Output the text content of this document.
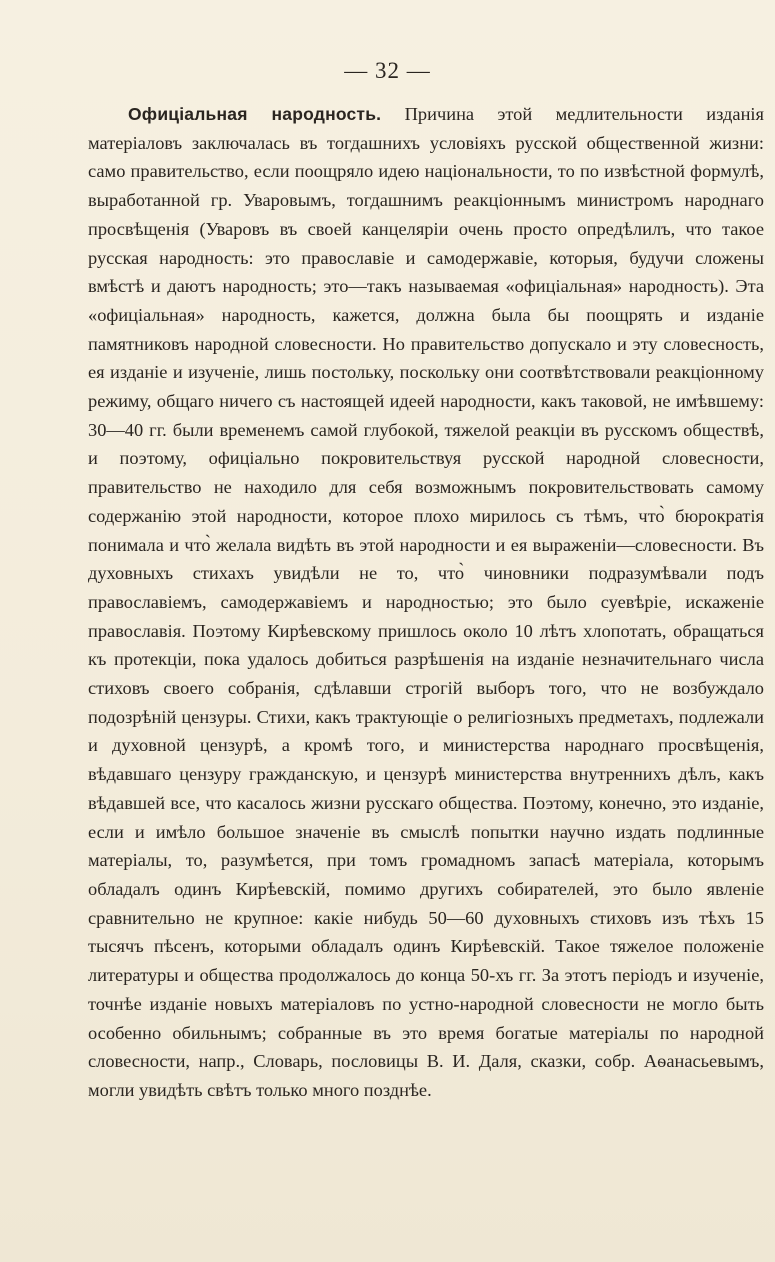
— 32 —

Офиціальная народность. Причина этой медлительности изданія матеріаловъ заключалась въ тогдашнихъ условіяхъ русской общественной жизни: само правительство, если поощряло идею національности, то по извѣстной формулѣ, выработанной гр. Уваровымъ, тогдашнимъ реакціоннымъ министромъ народнаго просвѣщенія (Уваровъ въ своей канцеляріи очень просто опредѣлилъ, что такое русская народность: это православіе и самодержавіе, которыя, будучи сложены вмѣстѣ и даютъ народность; это—такъ называемая «офиціальная» народность). Эта «офиціальная» народность, кажется, должна была бы поощрять и изданіе памятниковъ народной словесности. Но правительство допускало и эту словесность, ея изданіе и изученіе, лишь постольку, поскольку они соотвѣтствовали реакціонному режиму, общаго ничего съ настоящей идеей народности, какъ таковой, не имѣвшему: 30—40 гг. были временемъ самой глубокой, тяжелой реакціи въ русскомъ обществѣ, и поэтому, офиціально покровительствуя русской народной словесности, правительство не находило для себя возможнымъ покровительствовать самому содержанію этой народности, которое плохо мирилось съ тѣмъ, что̀ бюрократія понимала и что̀ желала видѣть въ этой народности и ея выраженіи—словесности. Въ духовныхъ стихахъ увидѣли не то, что̀ чиновники подразумѣвали подъ православіемъ, самодержавіемъ и народностью; это было суевѣріе, искаженіе православія. Поэтому Кирѣевскому пришлось около 10 лѣтъ хлопотать, обращаться къ протекціи, пока удалось добиться разрѣшенія на изданіе незначительнаго числа стиховъ своего собранія, сдѣлавши строгій выборъ того, что не возбуждало подозрѣній цензуры. Стихи, какъ трактующіе о религіозныхъ предметахъ, подлежали и духовной цензурѣ, а кромѣ того, и министерства народнаго просвѣщенія, вѣдавшаго цензуру гражданскую, и цензурѣ министерства внутреннихъ дѣлъ, какъ вѣдавшей все, что касалось жизни русскаго общества. Поэтому, конечно, это изданіе, если и имѣло большое значеніе въ смыслѣ попытки научно издать подлинные матеріалы, то, разумѣется, при томъ громадномъ запасѣ матеріала, которымъ обладалъ одинъ Кирѣевскій, помимо другихъ собирателей, это было явленіе сравнительно не крупное: какіе нибудь 50—60 духовныхъ стиховъ изъ тѣхъ 15 тысячъ пѣсенъ, которыми обладалъ одинъ Кирѣевскій. Такое тяжелое положеніе литературы и общества продолжалось до конца 50-хъ гг. За этотъ періодъ и изученіе, точнѣе изданіе новыхъ матеріаловъ по устно-народной словесности не могло быть особенно обильнымъ; собранные въ это время богатые матеріалы по народной словесности, напр., Словарь, пословицы В. И. Даля, сказки, собр. Аѳанасьевымъ, могли увидѣть свѣтъ только много позднѣе.
